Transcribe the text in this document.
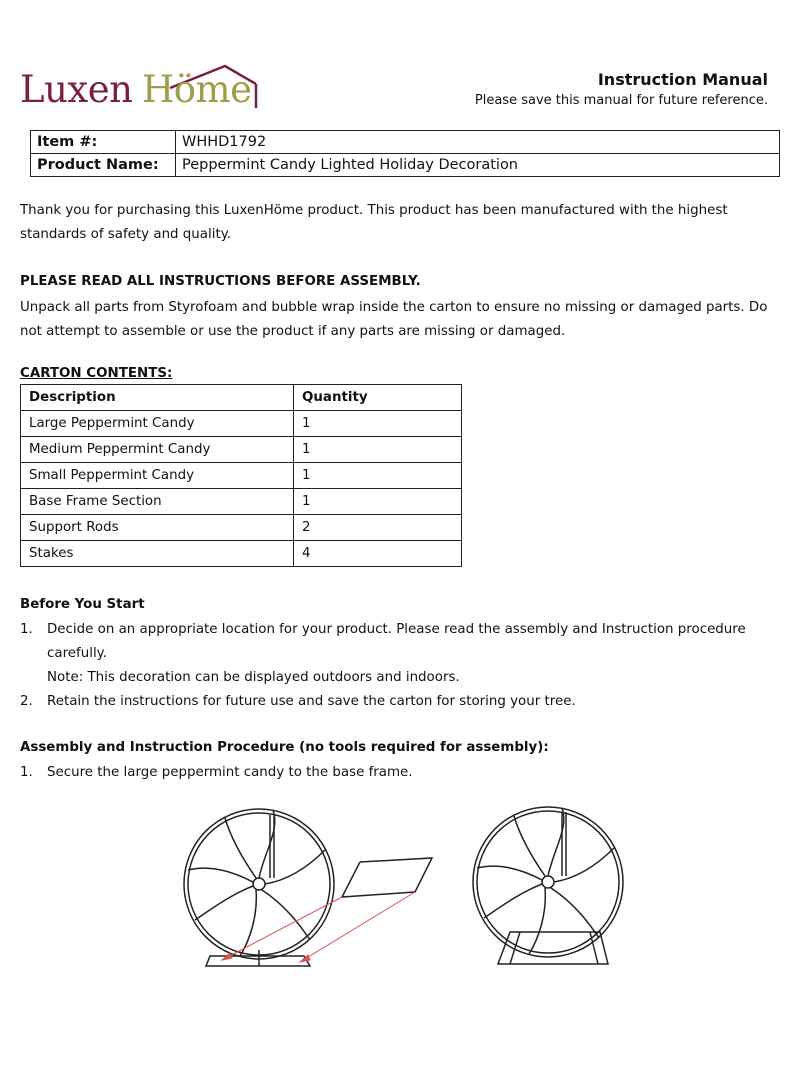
Luxen Höme	Instruction Manual
Please save this manual for future reference.
Item #:	WHHD1792
Product Name:	Peppermint Candy Lighted Holiday Decoration
Thank you for purchasing this LuxenHöme product. This product has been manufactured with the highest standards of safety and quality.
PLEASE READ ALL INSTRUCTIONS BEFORE ASSEMBLY.
Unpack all parts from Styrofoam and bubble wrap inside the carton to ensure no missing or damaged parts. Do not attempt to assemble or use the product if any parts are missing or damaged.
CARTON CONTENTS:
Description	Quantity
Large Peppermint Candy	1
Medium Peppermint Candy	1
Small Peppermint Candy	1
Base Frame Section	1
Support Rods	2
Stakes	4
Before You Start
1. Decide on an appropriate location for your product. Please read the assembly and Instruction procedure carefully.
Note: This decoration can be displayed outdoors and indoors.
2. Retain the instructions for future use and save the carton for storing your tree.
Assembly and Instruction Procedure (no tools required for assembly):
1. Secure the large peppermint candy to the base frame.
